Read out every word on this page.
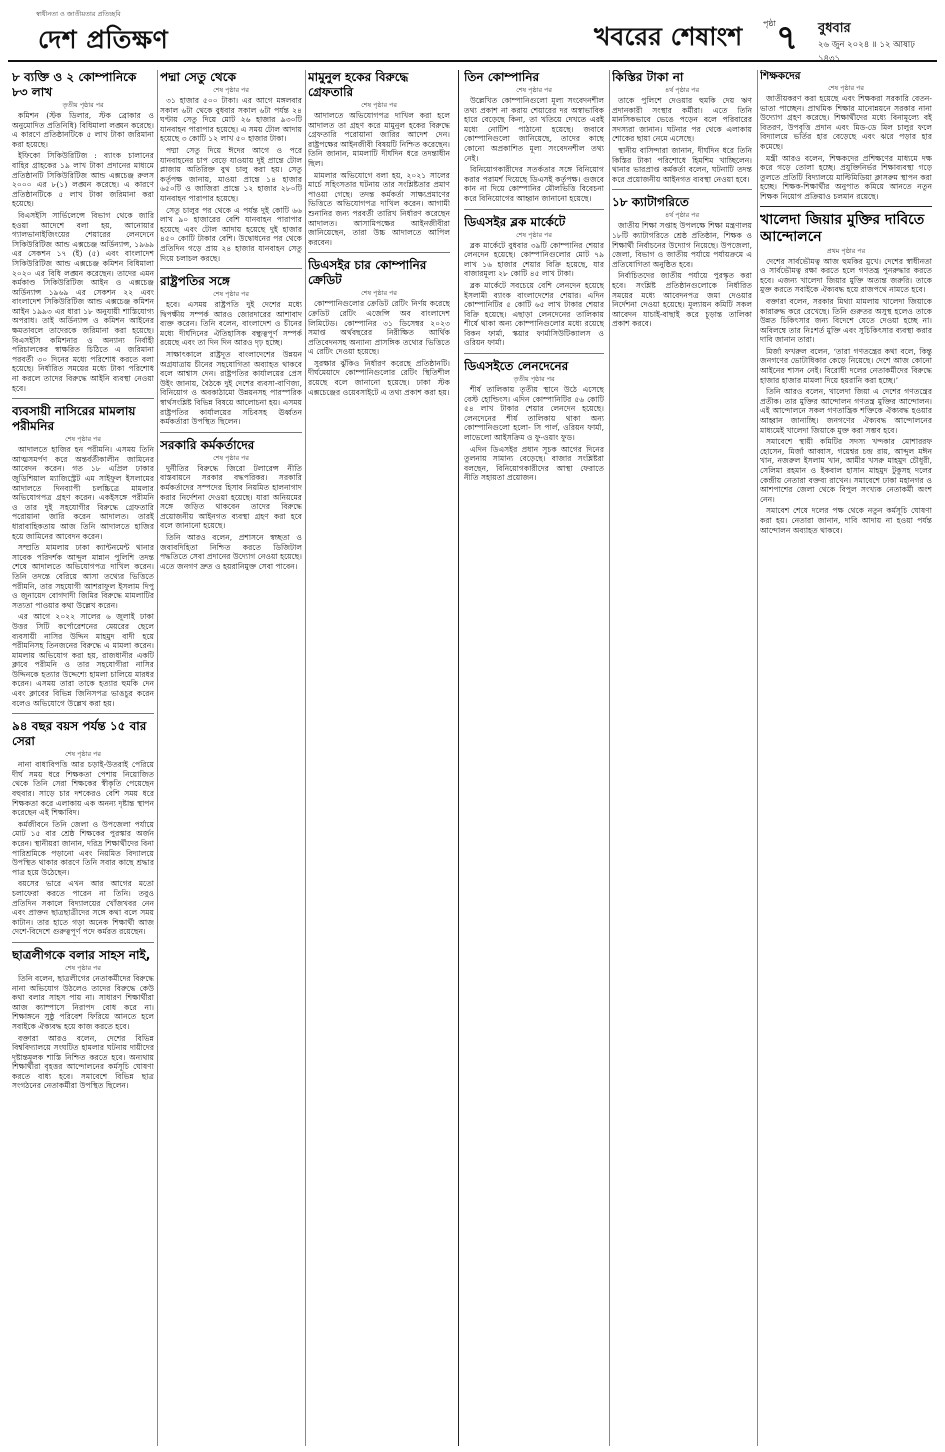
স্বাধীনতা ও জাতীয়তার প্রতিচ্ছবি
দেশ প্রতিক্ষণ	খবরের শেষাংশ	পৃষ্ঠা ৭ বুধবার
২৬ জুন ২০২৪ ॥ ১২ আষাঢ় ১৪৩১
৮ ব্যক্তি ও ২ কোম্পানিকে ৮৩ লাখ
তৃতীয় পৃষ্ঠার পর

কমিশন (স্টক ডিলার, স্টক ব্রোকার ও অনুমোদিত প্রতিনিধি) বিধিমালা লঙ্ঘন করেছে। এ কারণে প্রতিষ্ঠানটিকে ৫ লাখ টাকা জরিমানা করা হয়েছে।

ইফিকো সিকিউরিটিজ : ব্যাংক চালানের বাহির গ্রাহকের ১৯ লাখ টাকা প্রদানের মাধ্যমে প্রতিষ্ঠানটি সিকিউরিটিজ আন্ড এক্সচেঞ্জ রুলস ২০০০ এর ৮(১) লঙ্ঘন করেছে। এ কারণে প্রতিষ্ঠানটিকে ৫ লাখ টাকা জরিমানা করা হয়েছে।

বিএসইসি সার্ভিলেন্সে বিভাগ থেকে জারি হওয়া আদেশে বলা হয়, আনোয়ার গ্যালভানাইজিংয়ের শেয়ারের লেনদেনে সিকিউরিটিজ আন্ড এক্সচেঞ্জ অর্ডিন্যান্স, ১৯৬৯ এর সেকশন ১৭ (ই) (৫) এবং বাংলাদেশ সিকিউরিটিজ আন্ড এক্সচেঞ্জ কমিশন বিধিমালা ২০২০ এর বিধি লঙ্ঘন করেছেন। তাদের এমন কর্মকাণ্ড সিকিউরিটিজ আইন ও এক্সচেঞ্জ অর্ডিন্যান্স ১৯৬৯ এর সেকশন ২২ এবং বাংলাদেশ সিকিউরিটিজ আন্ড এক্সচেঞ্জ কমিশন আইন ১৯৯৩ এর ধারা ১৮ অনুযায়ী শাস্তিযোগ্য অপরাধ। তাই অর্ডিন্যান্স ও কমিশন আইনের ক্ষমতাবলে তাদেরকে জরিমানা করা হয়েছে। বিএসইসি কমিশনার ও অন্যান্য নির্বাহী পরিচালকের স্বাক্ষরিত চিঠিতে এ জরিমানা পরবর্তী ৩০ দিনের মধ্যে পরিশোধ করতে বলা হয়েছে। নির্ধারিত সময়ের মধ্যে টাকা পরিশোধ না করলে তাদের বিরুদ্ধে আইনি ব্যবস্থা নেওয়া হবে।

ব্যবসায়ী নাসিরের মামলায় পরীমনির
শেষ পৃষ্ঠার পর

আদালতে হাজির হন পরীমনি। এসময় তিনি আত্মসমর্পণ করে অন্তর্বর্তীকালীন জামিনের আবেদন করেন। গত ১৮ এপ্রিল ঢাকার জুডিশিয়াল ম্যাজিস্ট্রেট এম সাইফুল ইসলামের আদালতে দিনব্যাপী চলচ্চিত্রে মামলার অভিযোগপত্র গ্রহণ করেন। একইসঙ্গে পরীমনি ও তার দুই সহযোগীর বিরুদ্ধে গ্রেফতারি পরোয়ানা জারি করেন আদালত। তারই ধারাবাহিকতায় আজ তিনি আদালতে হাজির হয়ে জামিনের আবেদন করেন।

সম্প্রতি মামলায় ঢাকা ক্যান্টনমেন্ট থানার সাবেক পরিদর্শক আব্দুল মান্নান পুলিশি তদন্ত শেষে আদালতে অভিযোগপত্র দাখিল করেন। তিনি তদন্তে বেরিয়ে আসা তথ্যের ভিত্তিতে পরীমনি, তার সহযোগী আশরাফুল ইসলাম দিপু ও জুনায়েদ বোগদাদী জিমির বিরুদ্ধে মামলাটির সত্যতা পাওয়ার কথা উল্লেখ করেন।

এর আগে ২০২২ সালের ৬ জুলাই ঢাকা উত্তর সিটি কর্পোরেশনের মেয়রের ছেলে ব্যবসায়ী নাসির উদ্দিন মাহমুদ বাদী হয়ে পরীমনিসহ তিনজনের বিরুদ্ধে এ মামলা করেন। মামলায় অভিযোগ করা হয়, রাজধানীর একটি ক্লাবে পরীমনি ও তার সহযোগীরা নাসির উদ্দিনকে হত্যার উদ্দেশ্যে হামলা চালিয়ে মারধর করেন। এসময় তারা তাকে হত্যার হুমকি দেন এবং ক্লাবের বিভিন্ন জিনিসপত্র ভাঙচুর করেন বলেও অভিযোগে উল্লেখ করা হয়।

৯৪ বছর বয়স পর্যন্ত ১৫ বার সেরা
শেষ পৃষ্ঠার পর

নানা বাধাবিপত্তি আর চড়াই-উতরাই পেরিয়ে দীর্ঘ সময় ধরে শিক্ষকতা পেশায় নিয়োজিত থেকে তিনি সেরা শিক্ষকের স্বীকৃতি পেয়েছেন বহুবার। সাড়ে চার দশকেরও বেশি সময় ধরে শিক্ষকতা করে এলাকায় এক অনন্য দৃষ্টান্ত স্থাপন করেছেন এই শিক্ষাবিদ।

কর্মজীবনে তিনি জেলা ও উপজেলা পর্যায়ে মোট ১৫ বার শ্রেষ্ঠ শিক্ষকের পুরস্কার অর্জন করেন। স্থানীয়রা জানান, দরিদ্র শিক্ষার্থীদের বিনা পারিশ্রমিকে পড়ানো এবং নিয়মিত বিদ্যালয়ে উপস্থিত থাকার কারণে তিনি সবার কাছে শ্রদ্ধার পাত্র হয়ে উঠেছেন।

বয়সের ভারে এখন আর আগের মতো চলাফেরা করতে পারেন না তিনি। তবুও প্রতিদিন সকালে বিদ্যালয়ের খোঁজখবর নেন এবং প্রাক্তন ছাত্রছাত্রীদের সঙ্গে কথা বলে সময় কাটান। তার হাতে গড়া অনেক শিক্ষার্থী আজ দেশে-বিদেশে গুরুত্বপূর্ণ পদে কর্মরত রয়েছেন।

ছাত্রলীগকে বলার সাহস নাই,
শেষ পৃষ্ঠার পর

তিনি বলেন, ছাত্রলীগের নেতাকর্মীদের বিরুদ্ধে নানা অভিযোগ উঠলেও তাদের বিরুদ্ধে কেউ কথা বলার সাহস পায় না। সাধারণ শিক্ষার্থীরা আজ ক্যাম্পাসে নিরাপদ বোধ করে না। শিক্ষাঙ্গনে সুষ্ঠু পরিবেশ ফিরিয়ে আনতে হলে সবাইকে ঐক্যবদ্ধ হয়ে কাজ করতে হবে।

বক্তারা আরও বলেন, দেশের বিভিন্ন বিশ্ববিদ্যালয়ে সংঘটিত হামলার ঘটনায় দায়ীদের দৃষ্টান্তমূলক শাস্তি নিশ্চিত করতে হবে। অন্যথায় শিক্ষার্থীরা বৃহত্তর আন্দোলনের কর্মসূচি ঘোষণা করতে বাধ্য হবে। সমাবেশে বিভিন্ন ছাত্র সংগঠনের নেতাকর্মীরা উপস্থিত ছিলেন।

পদ্মা সেতু থেকে
শেষ পৃষ্ঠার পর

৩১ হাজার ৫০০ টাকা। এর আগে মঙ্গলবার সকাল ৬টা থেকে বুধবার সকাল ৬টা পর্যন্ত ২৪ ঘণ্টায় সেতু দিয়ে মোট ২৬ হাজার ৯৩০টি যানবাহন পারাপার হয়েছে। এ সময় টোল আদায় হয়েছে ৩ কোটি ১২ লাখ ৫০ হাজার টাকা।

পদ্মা সেতু দিয়ে ঈদের আগে ও পরে যানবাহনের চাপ বেড়ে যাওয়ায় দুই প্রান্তে টোল প্লাজায় অতিরিক্ত বুথ চালু করা হয়। সেতু কর্তৃপক্ষ জানায়, মাওয়া প্রান্তে ১৪ হাজার ৬৫০টি ও জাজিরা প্রান্তে ১২ হাজার ২৮০টি যানবাহন পারাপার হয়েছে।

সেতু চালুর পর থেকে এ পর্যন্ত দুই কোটি ৬৬ লাখ ৯০ হাজারের বেশি যানবাহন পারাপার হয়েছে এবং টোল আদায় হয়েছে দুই হাজার ৪৫০ কোটি টাকার বেশি। উদ্বোধনের পর থেকে প্রতিদিন গড়ে প্রায় ২৪ হাজার যানবাহন সেতু দিয়ে চলাচল করছে।

রাষ্ট্রপতির সঙ্গে
শেষ পৃষ্ঠার পর

হবে। এসময় রাষ্ট্রপতি দুই দেশের মধ্যে দ্বিপক্ষীয় সম্পর্ক আরও জোরদারের আশাবাদ ব্যক্ত করেন। তিনি বলেন, বাংলাদেশ ও চীনের মধ্যে দীর্ঘদিনের ঐতিহাসিক বন্ধুত্বপূর্ণ সম্পর্ক রয়েছে এবং তা দিন দিন আরও দৃঢ় হচ্ছে।

সাক্ষাৎকালে রাষ্ট্রদূত বাংলাদেশের উন্নয়ন অগ্রযাত্রায় চীনের সহযোগিতা অব্যাহত থাকবে বলে আশ্বাস দেন। রাষ্ট্রপতির কার্যালয়ের প্রেস উইং জানায়, বৈঠকে দুই দেশের ব্যবসা-বাণিজ্য, বিনিয়োগ ও অবকাঠামো উন্নয়নসহ পারস্পরিক স্বার্থসংশ্লিষ্ট বিভিন্ন বিষয়ে আলোচনা হয়। এসময় রাষ্ট্রপতির কার্যালয়ের সচিবসহ ঊর্ধ্বতন কর্মকর্তারা উপস্থিত ছিলেন।

সরকারি কর্মকর্তাদের
শেষ পৃষ্ঠার পর

দুর্নীতির বিরুদ্ধে জিরো টলারেন্স নীতি বাস্তবায়নে সরকার বদ্ধপরিকর। সরকারি কর্মকর্তাদের সম্পদের হিসাব নিয়মিত হালনাগাদ করার নির্দেশনা দেওয়া হয়েছে। যারা অনিয়মের সঙ্গে জড়িত থাকবেন তাদের বিরুদ্ধে প্রয়োজনীয় আইনগত ব্যবস্থা গ্রহণ করা হবে বলে জানানো হয়েছে।

তিনি আরও বলেন, প্রশাসনে স্বচ্ছতা ও জবাবদিহিতা নিশ্চিত করতে ডিজিটাল পদ্ধতিতে সেবা প্রদানের উদ্যোগ নেওয়া হয়েছে। এতে জনগণ দ্রুত ও হয়রানিমুক্ত সেবা পাবেন।

মামুনুল হকের বিরুদ্ধে গ্রেফতারি
শেষ পৃষ্ঠার পর

আদালতে অভিযোগপত্র দাখিল করা হলে আদালত তা গ্রহণ করে মামুনুল হকের বিরুদ্ধে গ্রেফতারি পরোয়ানা জারির আদেশ দেন। রাষ্ট্রপক্ষের আইনজীবী বিষয়টি নিশ্চিত করেছেন। তিনি জানান, মামলাটি দীর্ঘদিন ধরে তদন্তাধীন ছিল।

মামলার অভিযোগে বলা হয়, ২০২১ সালের মার্চে সহিংসতার ঘটনায় তার সংশ্লিষ্টতার প্রমাণ পাওয়া গেছে। তদন্ত কর্মকর্তা সাক্ষ্যপ্রমাণের ভিত্তিতে অভিযোগপত্র দাখিল করেন। আগামী শুনানির জন্য পরবর্তী তারিখ নির্ধারণ করেছেন আদালত। আসামিপক্ষের আইনজীবীরা জানিয়েছেন, তারা উচ্চ আদালতে আপিল করবেন।

ডিএসইর চার কোম্পানির ক্রেডিট
শেষ পৃষ্ঠার পর

কোম্পানিগুলোর ক্রেডিট রেটিং নির্ণয় করেছে ক্রেডিট রেটিং এজেন্সি অব বাংলাদেশ লিমিটেড। কোম্পানির ৩১ ডিসেম্বর ২০২৩ সমাপ্ত অর্থবছরের নিরীক্ষিত আর্থিক প্রতিবেদনসহ অন্যান্য প্রাসঙ্গিক তথ্যের ভিত্তিতে এ রেটিং দেওয়া হয়েছে।

সুরক্ষার ঝুঁকিও নির্ধারণ করেছে প্রতিষ্ঠানটি। দীর্ঘমেয়াদে কোম্পানিগুলোর রেটিং স্থিতিশীল রয়েছে বলে জানানো হয়েছে। ঢাকা স্টক এক্সচেঞ্জের ওয়েবসাইটে এ তথ্য প্রকাশ করা হয়।

তিন কোম্পানির
শেষ পৃষ্ঠার পর

উল্লেখিত কোম্পানিগুলো মূল্য সংবেদনশীল তথ্য প্রকাশ না করায় শেয়ারের দর অস্বাভাবিক হারে বেড়েছে কিনা, তা খতিয়ে দেখতে এরই মধ্যে নোটিশ পাঠানো হয়েছে। জবাবে কোম্পানিগুলো জানিয়েছে, তাদের কাছে কোনো অপ্রকাশিত মূল্য সংবেদনশীল তথ্য নেই।

বিনিয়োগকারীদের সতর্কতার সঙ্গে বিনিয়োগ করার পরামর্শ দিয়েছে ডিএসই কর্তৃপক্ষ। গুজবে কান না দিয়ে কোম্পানির মৌলভিত্তি বিবেচনা করে বিনিয়োগের আহ্বান জানানো হয়েছে।

ডিএসইর ব্লক মার্কেটে
শেষ পৃষ্ঠার পর

ব্লক মার্কেটে বুধবার ৩৯টি কোম্পানির শেয়ার লেনদেন হয়েছে। কোম্পানিগুলোর মোট ৭৯ লাখ ১৬ হাজার শেয়ার বিক্রি হয়েছে, যার বাজারমূল্য ২৮ কোটি ৪৫ লাখ টাকা।

ব্লক মার্কেটে সবচেয়ে বেশি লেনদেন হয়েছে ইসলামী ব্যাংক বাংলাদেশের শেয়ার। এদিন কোম্পানিটির ৫ কোটি ৬৫ লাখ টাকার শেয়ার বিক্রি হয়েছে। এছাড়া লেনদেনের তালিকায় শীর্ষে থাকা অন্য কোম্পানিগুলোর মধ্যে রয়েছে বিকন ফার্মা, স্কয়ার ফার্মাসিউটিক্যালস ও ওরিয়ন ফার্মা।

ডিএসইতে লেনদেনের
তৃতীয় পৃষ্ঠার পর

শীর্ষ তালিকায় তৃতীয় স্থানে উঠে এসেছে বেস্ট হোল্ডিংস। এদিন কোম্পানিটির ৫৬ কোটি ৫৪ লাখ টাকার শেয়ার লেনদেন হয়েছে। লেনদেনের শীর্ষ তালিকায় থাকা অন্য কোম্পানিগুলো হলো- সি পার্ল, ওরিয়ন ফার্মা, লাভেলো আইসক্রিম ও ফু-ওয়াং ফুড।

এদিন ডিএসইর প্রধান সূচক আগের দিনের তুলনায় সামান্য বেড়েছে। বাজার সংশ্লিষ্টরা বলছেন, বিনিয়োগকারীদের আস্থা ফেরাতে নীতি সহায়তা প্রয়োজন।

কিস্তির টাকা না
৪র্থ পৃষ্ঠার পর

তাকে পুলিশে দেওয়ার হুমকি দেয় ঋণ প্রদানকারী সংস্থার কর্মীরা। এতে তিনি মানসিকভাবে ভেঙে পড়েন বলে পরিবারের সদস্যরা জানান। ঘটনার পর থেকে এলাকায় শোকের ছায়া নেমে এসেছে।

স্থানীয় বাসিন্দারা জানান, দীর্ঘদিন ধরে তিনি কিস্তির টাকা পরিশোধে হিমশিম খাচ্ছিলেন। থানার ভারপ্রাপ্ত কর্মকর্তা বলেন, ঘটনাটি তদন্ত করে প্রয়োজনীয় আইনগত ব্যবস্থা নেওয়া হবে।

১৮ ক্যাটাগরিতে
৪র্থ পৃষ্ঠার পর

জাতীয় শিক্ষা সপ্তাহ উপলক্ষে শিক্ষা মন্ত্রণালয় ১৮টি ক্যাটাগরিতে শ্রেষ্ঠ প্রতিষ্ঠান, শিক্ষক ও শিক্ষার্থী নির্বাচনের উদ্যোগ নিয়েছে। উপজেলা, জেলা, বিভাগ ও জাতীয় পর্যায়ে পর্যায়ক্রমে এ প্রতিযোগিতা অনুষ্ঠিত হবে।

নির্বাচিতদের জাতীয় পর্যায়ে পুরস্কৃত করা হবে। সংশ্লিষ্ট প্রতিষ্ঠানগুলোকে নির্ধারিত সময়ের মধ্যে আবেদনপত্র জমা দেওয়ার নির্দেশনা দেওয়া হয়েছে। মূল্যায়ন কমিটি সকল আবেদন যাচাই-বাছাই করে চূড়ান্ত তালিকা প্রকাশ করবে।

শিক্ষকদের
শেষ পৃষ্ঠার পর

জাতীয়করণ করা হয়েছে এবং শিক্ষকরা সরকারি বেতন-ভাতা পাচ্ছেন। প্রাথমিক শিক্ষার মানোন্নয়নে সরকার নানা উদ্যোগ গ্রহণ করেছে। শিক্ষার্থীদের মধ্যে বিনামূল্যে বই বিতরণ, উপবৃত্তি প্রদান এবং মিড-ডে মিল চালুর ফলে বিদ্যালয়ে ভর্তির হার বেড়েছে এবং ঝরে পড়ার হার কমেছে।

মন্ত্রী আরও বলেন, শিক্ষকদের প্রশিক্ষণের মাধ্যমে দক্ষ করে গড়ে তোলা হচ্ছে। প্রযুক্তিনির্ভর শিক্ষাব্যবস্থা গড়ে তুলতে প্রতিটি বিদ্যালয়ে মাল্টিমিডিয়া ক্লাসরুম স্থাপন করা হচ্ছে। শিক্ষক-শিক্ষার্থীর অনুপাত কমিয়ে আনতে নতুন শিক্ষক নিয়োগ প্রক্রিয়াও চলমান রয়েছে।

খালেদা জিয়ার মুক্তির দাবিতে আন্দোলনে
প্রথম পৃষ্ঠার পর

দেশের সার্বভৌমত্ব আজ হুমকির মুখে। দেশের স্বাধীনতা ও সার্বভৌমত্ব রক্ষা করতে হলে গণতন্ত্র পুনরুদ্ধার করতে হবে। এজন্য খালেদা জিয়ার মুক্তি অত্যন্ত জরুরি। তাকে মুক্ত করতে সবাইকে ঐক্যবদ্ধ হয়ে রাজপথে নামতে হবে।

বক্তারা বলেন, সরকার মিথ্যা মামলায় খালেদা জিয়াকে কারারুদ্ধ করে রেখেছে। তিনি গুরুতর অসুস্থ হলেও তাকে উন্নত চিকিৎসার জন্য বিদেশে যেতে দেওয়া হচ্ছে না। অবিলম্বে তার নিঃশর্ত মুক্তি এবং সুচিকিৎসার ব্যবস্থা করার দাবি জানান তারা।

মির্জা ফখরুল বলেন, ‘তারা গণতন্ত্রের কথা বলে, কিন্তু জনগণের ভোটাধিকার কেড়ে নিয়েছে। দেশে আজ কোনো আইনের শাসন নেই। বিরোধী দলের নেতাকর্মীদের বিরুদ্ধে হাজার হাজার মামলা দিয়ে হয়রানি করা হচ্ছে।’

তিনি আরও বলেন, খালেদা জিয়া এ দেশের গণতন্ত্রের প্রতীক। তার মুক্তির আন্দোলন গণতন্ত্র মুক্তির আন্দোলন। এই আন্দোলনে সকল গণতান্ত্রিক শক্তিকে ঐক্যবদ্ধ হওয়ার আহ্বান জানাচ্ছি। জনগণের ঐক্যবদ্ধ আন্দোলনের মাধ্যমেই খালেদা জিয়াকে মুক্ত করা সম্ভব হবে।

সমাবেশে স্থায়ী কমিটির সদস্য খন্দকার মোশাররফ হোসেন, মির্জা আব্বাস, গয়েশ্বর চন্দ্র রায়, আব্দুল মঈন খান, নজরুল ইসলাম খান, আমীর খসরু মাহমুদ চৌধুরী, সেলিমা রহমান ও ইকবাল হাসান মাহমুদ টুকুসহ দলের কেন্দ্রীয় নেতারা বক্তব্য রাখেন। সমাবেশে ঢাকা মহানগর ও আশপাশের জেলা থেকে বিপুল সংখ্যক নেতাকর্মী অংশ নেন।

সমাবেশ শেষে দলের পক্ষ থেকে নতুন কর্মসূচি ঘোষণা করা হয়। নেতারা জানান, দাবি আদায় না হওয়া পর্যন্ত আন্দোলন অব্যাহত থাকবে।
